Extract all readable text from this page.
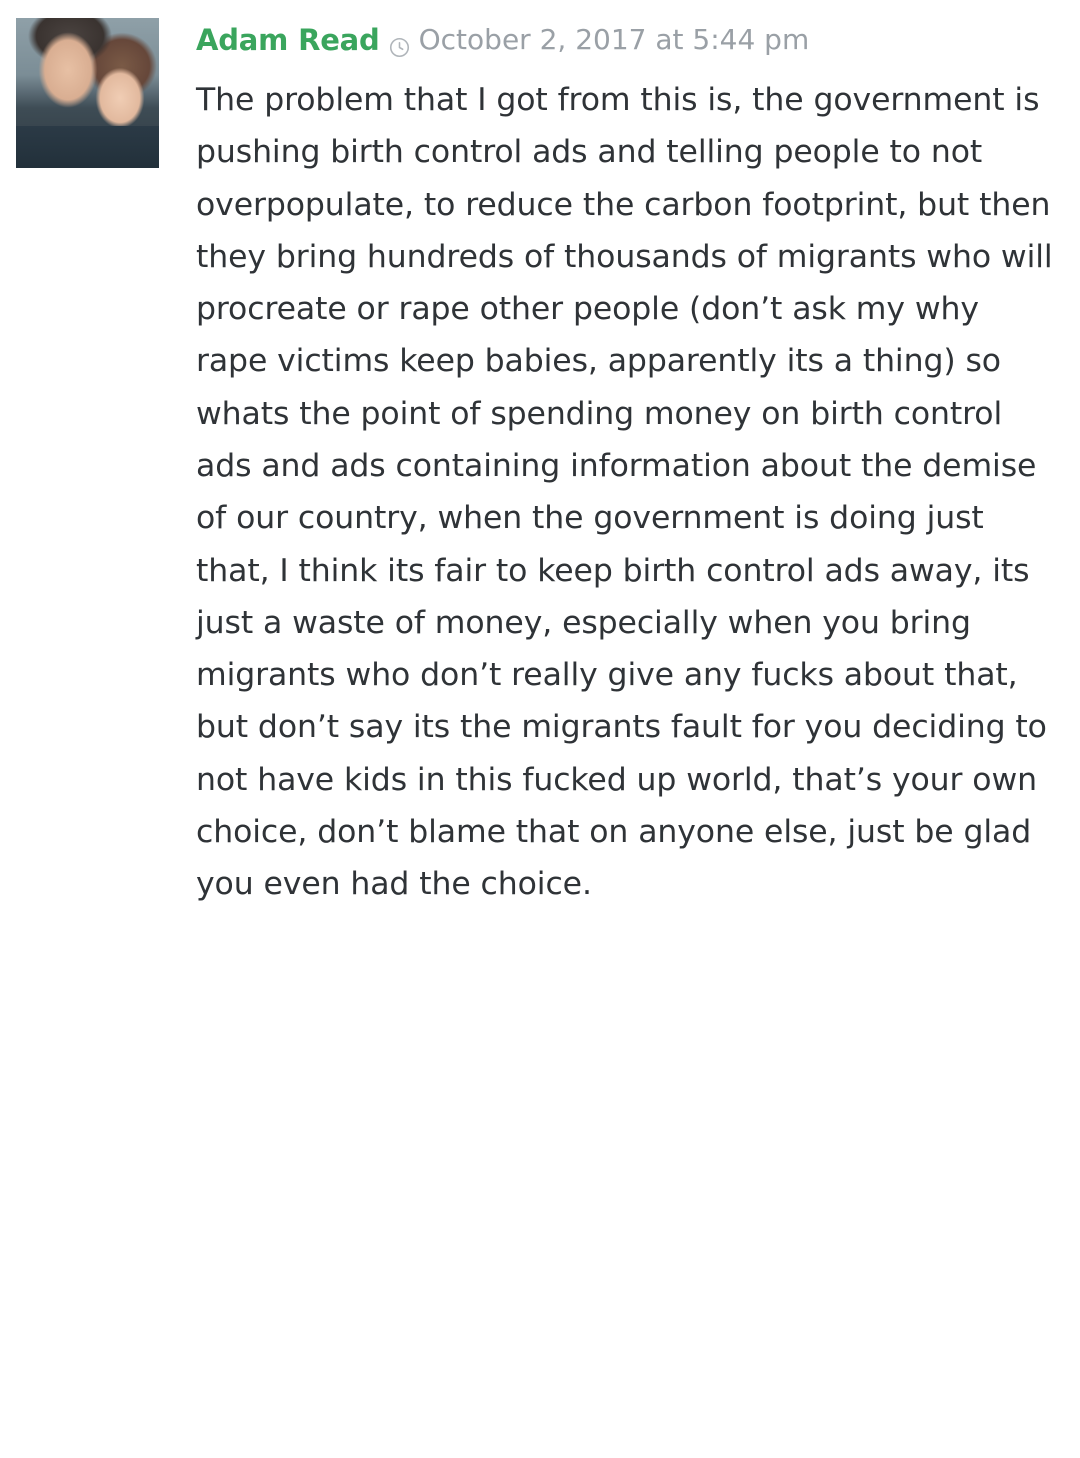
Adam Read October 2, 2017 at 5:44 pm
The problem that I got from this is, the government is pushing birth control ads and telling people to not overpopulate, to reduce the carbon footprint, but then they bring hundreds of thousands of migrants who will procreate or rape other people (don’t ask my why rape victims keep babies, apparently its a thing) so whats the point of spending money on birth control ads and ads containing information about the demise of our country, when the government is doing just that, I think its fair to keep birth control ads away, its just a waste of money, especially when you bring migrants who don’t really give any fucks about that, but don’t say its the migrants fault for you deciding to not have kids in this fucked up world, that’s your own choice, don’t blame that on anyone else, just be glad you even had the choice.
